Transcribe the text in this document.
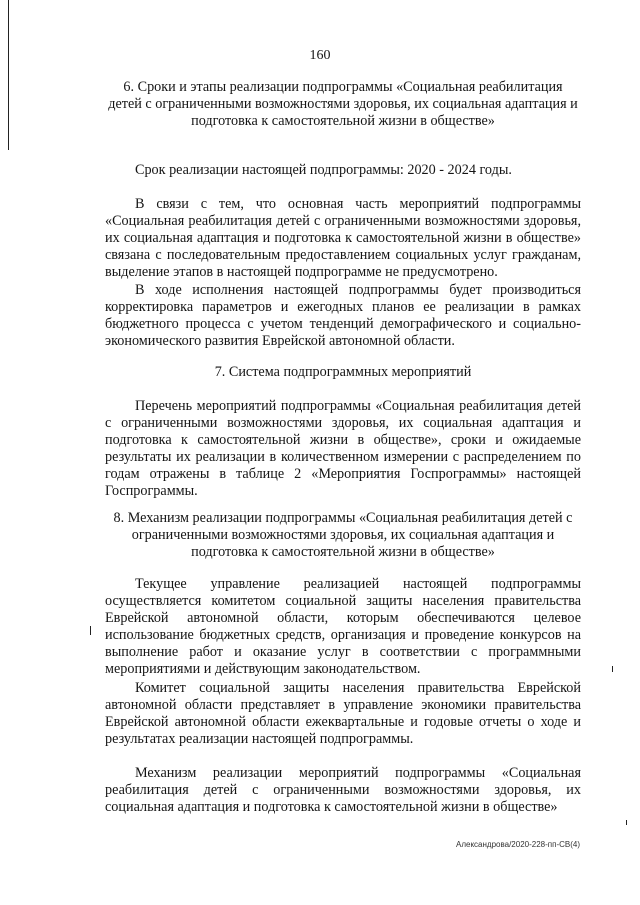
160
6. Сроки и этапы реализации подпрограммы «Социальная реабилитация детей с ограниченными возможностями здоровья, их социальная адаптация и подготовка к самостоятельной жизни в обществе»
Срок реализации настоящей подпрограммы: 2020 - 2024 годы.
В связи с тем, что основная часть мероприятий подпрограммы «Социальная реабилитация детей с ограниченными возможностями здоровья, их социальная адаптация и подготовка к самостоятельной жизни в обществе» связана с последовательным предоставлением социальных услуг гражданам, выделение этапов в настоящей подпрограмме не предусмотрено.
В ходе исполнения настоящей подпрограммы будет производиться корректировка параметров и ежегодных планов ее реализации в рамках бюджетного процесса с учетом тенденций демографического и социально-экономического развития Еврейской автономной области.
7. Система подпрограммных мероприятий
Перечень мероприятий подпрограммы «Социальная реабилитация детей с ограниченными возможностями здоровья, их социальная адаптация и подготовка к самостоятельной жизни в обществе», сроки и ожидаемые результаты их реализации в количественном измерении с распределением по годам отражены в таблице 2 «Мероприятия Госпрограммы» настоящей Госпрограммы.
8. Механизм реализации подпрограммы «Социальная реабилитация детей с ограниченными возможностями здоровья, их социальная адаптация и подготовка к самостоятельной жизни в обществе»
Текущее управление реализацией настоящей подпрограммы осуществляется комитетом социальной защиты населения правительства Еврейской автономной области, которым обеспечиваются целевое использование бюджетных средств, организация и проведение конкурсов на выполнение работ и оказание услуг в соответствии с программными мероприятиями и действующим законодательством.
Комитет социальной защиты населения правительства Еврейской автономной области представляет в управление экономики правительства Еврейской автономной области ежеквартальные и годовые отчеты о ходе и результатах реализации настоящей подпрограммы.
Механизм реализации мероприятий подпрограммы «Социальная реабилитация детей с ограниченными возможностями здоровья, их социальная адаптация и подготовка к самостоятельной жизни в обществе»
Александрова/2020-228-пп-СВ(4)
